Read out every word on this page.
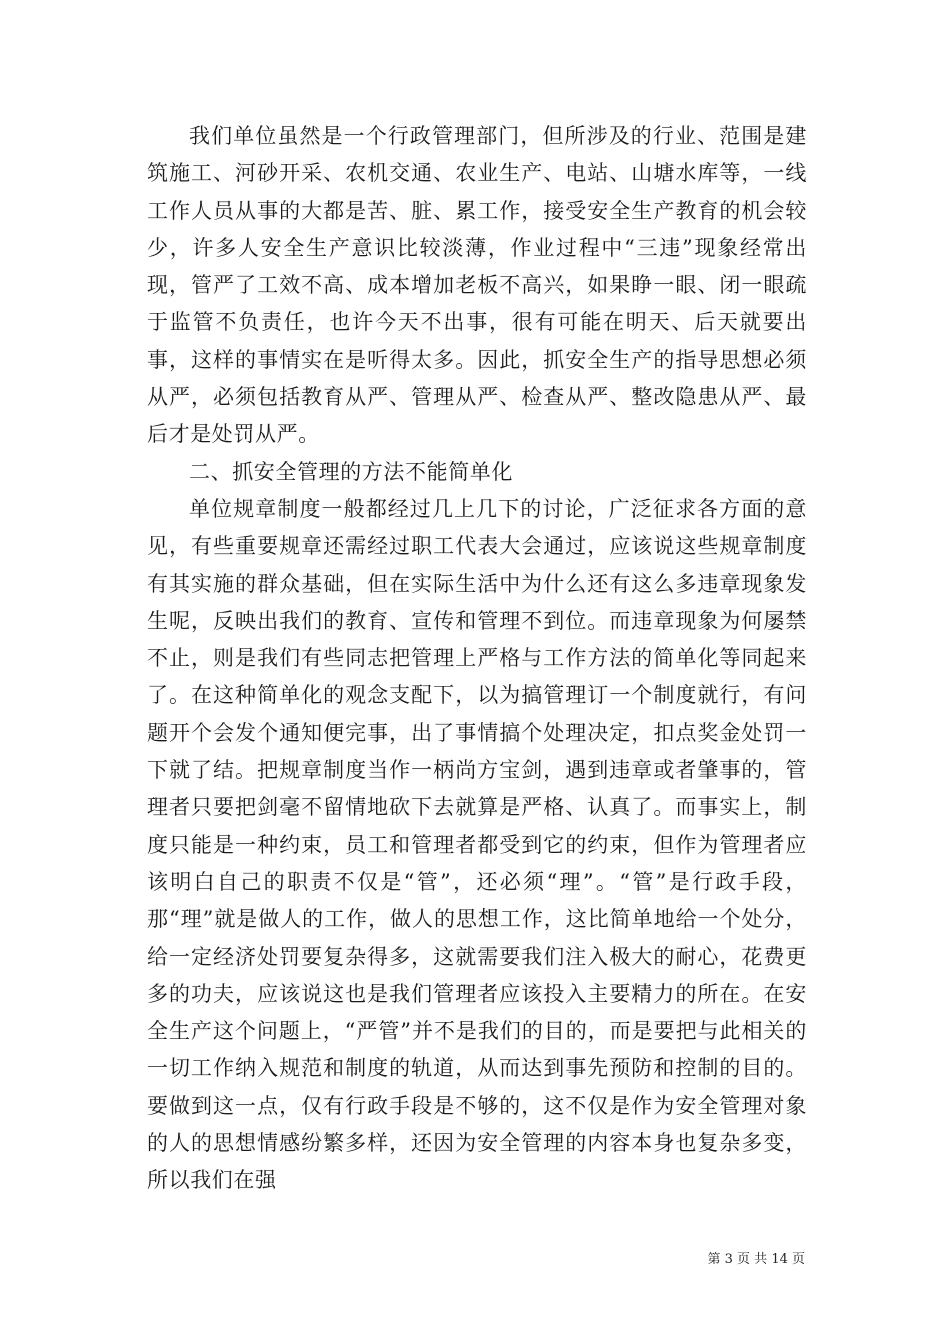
我们单位虽然是一个行政管理部门，但所涉及的行业、范围是建筑施工、河砂开采、农机交通、农业生产、电站、山塘水库等，一线工作人员从事的大都是苦、脏、累工作，接受安全生产教育的机会较少，许多人安全生产意识比较淡薄，作业过程中“三违”现象经常出现，管严了工效不高、成本增加老板不高兴，如果睁一眼、闭一眼疏于监管不负责任，也许今天不出事，很有可能在明天、后天就要出事，这样的事情实在是听得太多。因此，抓安全生产的指导思想必须从严，必须包括教育从严、管理从严、检查从严、整改隐患从严、最后才是处罚从严。

二、抓安全管理的方法不能简单化

单位规章制度一般都经过几上几下的讨论，广泛征求各方面的意见，有些重要规章还需经过职工代表大会通过，应该说这些规章制度有其实施的群众基础，但在实际生活中为什么还有这么多违章现象发生呢，反映出我们的教育、宣传和管理不到位。而违章现象为何屡禁不止，则是我们有些同志把管理上严格与工作方法的简单化等同起来了。在这种简单化的观念支配下，以为搞管理订一个制度就行，有问题开个会发个通知便完事，出了事情搞个处理决定，扣点奖金处罚一下就了结。把规章制度当作一柄尚方宝剑，遇到违章或者肇事的，管理者只要把剑毫不留情地砍下去就算是严格、认真了。而事实上，制度只能是一种约束，员工和管理者都受到它的约束，但作为管理者应该明白自己的职责不仅是“管”，还必须“理”。“管”是行政手段，那“理”就是做人的工作，做人的思想工作，这比简单地给一个处分，给一定经济处罚要复杂得多，这就需要我们注入极大的耐心，花费更多的功夫，应该说这也是我们管理者应该投入主要精力的所在。在安全生产这个问题上，“严管”并不是我们的目的，而是要把与此相关的一切工作纳入规范和制度的轨道，从而达到事先预防和控制的目的。要做到这一点，仅有行政手段是不够的，这不仅是作为安全管理对象的人的思想情感纷繁多样，还因为安全管理的内容本身也复杂多变，所以我们在强

第 3 页 共 14 页
